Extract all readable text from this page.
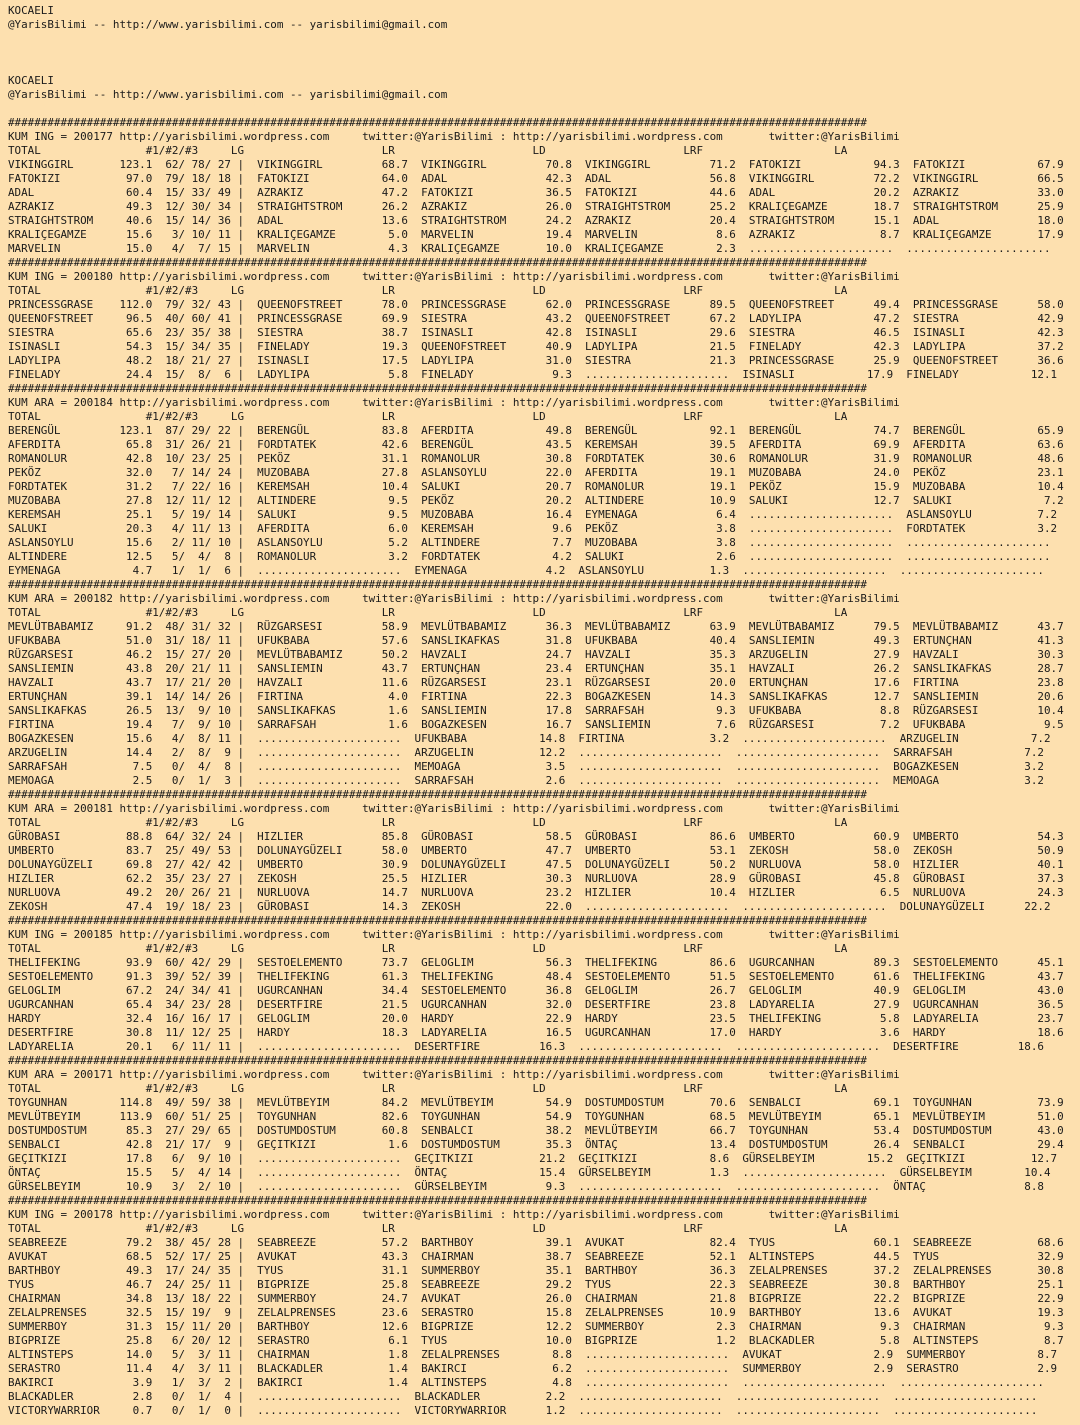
KOCAELI
@YarisBilimi -- http://www.yarisbilimi.com -- yarisbilimi@gmail.com
KOCAELI
@YarisBilimi -- http://www.yarisbilimi.com -- yarisbilimi@gmail.com
###################################################################################################################################
KUM ING = 200177 http://yarisbilimi.wordpress.com     twitter:@YarisBilimi : http://yarisbilimi.wordpress.com       twitter:@YarisBilimi
TOTAL                #1/#2/#3     LG                     LR                     LD                     LRF                    LA
VIKINGGIRL       123.1  62/ 78/ 27 |  VIKINGGIRL         68.7  VIKINGGIRL         70.8  VIKINGGIRL         71.2  FATOKIZI           94.3  FATOKIZI           67.9
FATOKIZI          97.0  79/ 18/ 18 |  FATOKIZI           64.0  ADAL               42.3  ADAL               56.8  VIKINGGIRL         72.2  VIKINGGIRL         66.5
ADAL              60.4  15/ 33/ 49 |  AZRAKIZ            47.2  FATOKIZI           36.5  FATOKIZI           44.6  ADAL               20.2  AZRAKIZ            33.0
AZRAKIZ           49.3  12/ 30/ 34 |  STRAIGHTSTROM      26.2  AZRAKIZ            26.0  STRAIGHTSTROM      25.2  KRALIÇEGAMZE       18.7  STRAIGHTSTROM      25.9
STRAIGHTSTROM     40.6  15/ 14/ 36 |  ADAL               13.6  STRAIGHTSTROM      24.2  AZRAKIZ            20.4  STRAIGHTSTROM      15.1  ADAL               18.0
KRALIÇEGAMZE      15.6   3/ 10/ 11 |  KRALIÇEGAMZE        5.0  MARVELIN           19.4  MARVELIN            8.6  AZRAKIZ             8.7  KRALIÇEGAMZE       17.9
MARVELIN          15.0   4/  7/ 15 |  MARVELIN            4.3  KRALIÇEGAMZE       10.0  KRALIÇEGAMZE        2.3  ......................  ......................
###################################################################################################################################
KUM ING = 200180 http://yarisbilimi.wordpress.com     twitter:@YarisBilimi : http://yarisbilimi.wordpress.com       twitter:@YarisBilimi
TOTAL                #1/#2/#3     LG                     LR                     LD                     LRF                    LA
PRINCESSGRASE    112.0  79/ 32/ 43 |  QUEENOFSTREET      78.0  PRINCESSGRASE      62.0  PRINCESSGRASE      89.5  QUEENOFSTREET      49.4  PRINCESSGRASE      58.0
QUEENOFSTREET     96.5  40/ 60/ 41 |  PRINCESSGRASE      69.9  SIESTRA            43.2  QUEENOFSTREET      67.2  LADYLIPA           47.2  SIESTRA            42.9
SIESTRA           65.6  23/ 35/ 38 |  SIESTRA            38.7  ISINASLI           42.8  ISINASLI           29.6  SIESTRA            46.5  ISINASLI           42.3
ISINASLI          54.3  15/ 34/ 35 |  FINELADY           19.3  QUEENOFSTREET      40.9  LADYLIPA           21.5  FINELADY           42.3  LADYLIPA           37.2
LADYLIPA          48.2  18/ 21/ 27 |  ISINASLI           17.5  LADYLIPA           31.0  SIESTRA            21.3  PRINCESSGRASE      25.9  QUEENOFSTREET      36.6
FINELADY          24.4  15/  8/  6 |  LADYLIPA            5.8  FINELADY            9.3  ......................  ISINASLI           17.9  FINELADY           12.1
###################################################################################################################################
KUM ARA = 200184 http://yarisbilimi.wordpress.com     twitter:@YarisBilimi : http://yarisbilimi.wordpress.com       twitter:@YarisBilimi
TOTAL                #1/#2/#3     LG                     LR                     LD                     LRF                    LA
BERENGÜL         123.1  87/ 29/ 22 |  BERENGÜL           83.8  AFERDITA           49.8  BERENGÜL           92.1  BERENGÜL           74.7  BERENGÜL           65.9
AFERDITA          65.8  31/ 26/ 21 |  FORDTATEK          42.6  BERENGÜL           43.5  KEREMSAH           39.5  AFERDITA           69.9  AFERDITA           63.6
ROMANOLUR         42.8  10/ 23/ 25 |  PEKÖZ              31.1  ROMANOLUR          30.8  FORDTATEK          30.6  ROMANOLUR          31.9  ROMANOLUR          48.6
PEKÖZ             32.0   7/ 14/ 24 |  MUZOBABA           27.8  ASLANSOYLU         22.0  AFERDITA           19.1  MUZOBABA           24.0  PEKÖZ              23.1
FORDTATEK         31.2   7/ 22/ 16 |  KEREMSAH           10.4  SALUKI             20.7  ROMANOLUR          19.1  PEKÖZ              15.9  MUZOBABA           10.4
MUZOBABA          27.8  12/ 11/ 12 |  ALTINDERE           9.5  PEKÖZ              20.2  ALTINDERE          10.9  SALUKI             12.7  SALUKI              7.2
KEREMSAH          25.1   5/ 19/ 14 |  SALUKI              9.5  MUZOBABA           16.4  EYMENAGA            6.4  ......................  ASLANSOYLU          7.2
SALUKI            20.3   4/ 11/ 13 |  AFERDITA            6.0  KEREMSAH            9.6  PEKÖZ               3.8  ......................  FORDTATEK           3.2
ASLANSOYLU        15.6   2/ 11/ 10 |  ASLANSOYLU          5.2  ALTINDERE           7.7  MUZOBABA            3.8  ......................  ......................
ALTINDERE         12.5   5/  4/  8 |  ROMANOLUR           3.2  FORDTATEK           4.2  SALUKI              2.6  ......................  ......................
EYMENAGA           4.7   1/  1/  6 |  ......................  EYMENAGA            4.2  ASLANSOYLU          1.3  ......................  ......................
###################################################################################################################################
KUM ARA = 200182 http://yarisbilimi.wordpress.com     twitter:@YarisBilimi : http://yarisbilimi.wordpress.com       twitter:@YarisBilimi
TOTAL                #1/#2/#3     LG                     LR                     LD                     LRF                    LA
MEVLÜTBABAMIZ     91.2  48/ 31/ 32 |  RÜZGARSESI         58.9  MEVLÜTBABAMIZ      36.3  MEVLÜTBABAMIZ      63.9  MEVLÜTBABAMIZ      79.5  MEVLÜTBABAMIZ      43.7
UFUKBABA          51.0  31/ 18/ 11 |  UFUKBABA           57.6  SANSLIKAFKAS       31.8  UFUKBABA           40.4  SANSLIEMIN         49.3  ERTUNÇHAN          41.3
RÜZGARSESI        46.2  15/ 27/ 20 |  MEVLÜTBABAMIZ      50.2  HAVZALI            24.7  HAVZALI            35.3  ARZUGELIN          27.9  HAVZALI            30.3
SANSLIEMIN        43.8  20/ 21/ 11 |  SANSLIEMIN         43.7  ERTUNÇHAN          23.4  ERTUNÇHAN          35.1  HAVZALI            26.2  SANSLIKAFKAS       28.7
HAVZALI           43.7  17/ 21/ 20 |  HAVZALI            11.6  RÜZGARSESI         23.1  RÜZGARSESI         20.0  ERTUNÇHAN          17.6  FIRTINA            23.8
ERTUNÇHAN         39.1  14/ 14/ 26 |  FIRTINA             4.0  FIRTINA            22.3  BOGAZKESEN         14.3  SANSLIKAFKAS       12.7  SANSLIEMIN         20.6
SANSLIKAFKAS      26.5  13/  9/ 10 |  SANSLIKAFKAS        1.6  SANSLIEMIN         17.8  SARRAFSAH           9.3  UFUKBABA            8.8  RÜZGARSESI         10.4
FIRTINA           19.4   7/  9/ 10 |  SARRAFSAH           1.6  BOGAZKESEN         16.7  SANSLIEMIN          7.6  RÜZGARSESI          7.2  UFUKBABA            9.5
BOGAZKESEN        15.6   4/  8/ 11 |  ......................  UFUKBABA           14.8  FIRTINA             3.2  ......................  ARZUGELIN           7.2
ARZUGELIN         14.4   2/  8/  9 |  ......................  ARZUGELIN          12.2  ......................  ......................  SARRAFSAH           7.2
SARRAFSAH          7.5   0/  4/  8 |  ......................  MEMOAGA             3.5  ......................  ......................  BOGAZKESEN          3.2
MEMOAGA            2.5   0/  1/  3 |  ......................  SARRAFSAH           2.6  ......................  ......................  MEMOAGA             3.2
###################################################################################################################################
KUM ARA = 200181 http://yarisbilimi.wordpress.com     twitter:@YarisBilimi : http://yarisbilimi.wordpress.com       twitter:@YarisBilimi
TOTAL                #1/#2/#3     LG                     LR                     LD                     LRF                    LA
GÜROBASI          88.8  64/ 32/ 24 |  HIZLIER            85.8  GÜROBASI           58.5  GÜROBASI           86.6  UMBERTO            60.9  UMBERTO            54.3
UMBERTO           83.7  25/ 49/ 53 |  DOLUNAYGÜZELI      58.0  UMBERTO            47.7  UMBERTO            53.1  ZEKOSH             58.0  ZEKOSH             50.9
DOLUNAYGÜZELI     69.8  27/ 42/ 42 |  UMBERTO            30.9  DOLUNAYGÜZELI      47.5  DOLUNAYGÜZELI      50.2  NURLUOVA           58.0  HIZLIER            40.1
HIZLIER           62.2  35/ 23/ 27 |  ZEKOSH             25.5  HIZLIER            30.3  NURLUOVA           28.9  GÜROBASI           45.8  GÜROBASI           37.3
NURLUOVA          49.2  20/ 26/ 21 |  NURLUOVA           14.7  NURLUOVA           23.2  HIZLIER            10.4  HIZLIER             6.5  NURLUOVA           24.3
ZEKOSH            47.4  19/ 18/ 23 |  GÜROBASI           14.3  ZEKOSH             22.0  ......................  ......................  DOLUNAYGÜZELI      22.2
###################################################################################################################################
KUM ING = 200185 http://yarisbilimi.wordpress.com     twitter:@YarisBilimi : http://yarisbilimi.wordpress.com       twitter:@YarisBilimi
TOTAL                #1/#2/#3     LG                     LR                     LD                     LRF                    LA
THELIFEKING       93.9  60/ 42/ 29 |  SESTOELEMENTO      73.7  GELOGLIM           56.3  THELIFEKING        86.6  UGURCANHAN         89.3  SESTOELEMENTO      45.1
SESTOELEMENTO     91.3  39/ 52/ 39 |  THELIFEKING        61.3  THELIFEKING        48.4  SESTOELEMENTO      51.5  SESTOELEMENTO      61.6  THELIFEKING        43.7
GELOGLIM          67.2  24/ 34/ 41 |  UGURCANHAN         34.4  SESTOELEMENTO      36.8  GELOGLIM           26.7  GELOGLIM           40.9  GELOGLIM           43.0
UGURCANHAN        65.4  34/ 23/ 28 |  DESERTFIRE         21.5  UGURCANHAN         32.0  DESERTFIRE         23.8  LADYARELIA         27.9  UGURCANHAN         36.5
HARDY             32.4  16/ 16/ 17 |  GELOGLIM           20.0  HARDY              22.9  HARDY              23.5  THELIFEKING         5.8  LADYARELIA         23.7
DESERTFIRE        30.8  11/ 12/ 25 |  HARDY              18.3  LADYARELIA         16.5  UGURCANHAN         17.0  HARDY               3.6  HARDY              18.6
LADYARELIA        20.1   6/ 11/ 11 |  ......................  DESERTFIRE         16.3  ......................  ......................  DESERTFIRE         18.6
###################################################################################################################################
KUM ARA = 200171 http://yarisbilimi.wordpress.com     twitter:@YarisBilimi : http://yarisbilimi.wordpress.com       twitter:@YarisBilimi
TOTAL                #1/#2/#3     LG                     LR                     LD                     LRF                    LA
TOYGUNHAN        114.8  49/ 59/ 38 |  MEVLÜTBEYIM        84.2  MEVLÜTBEYIM        54.9  DOSTUMDOSTUM       70.6  SENBALCI           69.1  TOYGUNHAN          73.9
MEVLÜTBEYIM      113.9  60/ 51/ 25 |  TOYGUNHAN          82.6  TOYGUNHAN          54.9  TOYGUNHAN          68.5  MEVLÜTBEYIM        65.1  MEVLÜTBEYIM        51.0
DOSTUMDOSTUM      85.3  27/ 29/ 65 |  DOSTUMDOSTUM       60.8  SENBALCI           38.2  MEVLÜTBEYIM        66.7  TOYGUNHAN          53.4  DOSTUMDOSTUM       43.0
SENBALCI          42.8  21/ 17/  9 |  GEÇITKIZI           1.6  DOSTUMDOSTUM       35.3  ÖNTAÇ              13.4  DOSTUMDOSTUM       26.4  SENBALCI           29.4
GEÇITKIZI         17.8   6/  9/ 10 |  ......................  GEÇITKIZI          21.2  GEÇITKIZI           8.6  GÜRSELBEYIM        15.2  GEÇITKIZI          12.7
ÖNTAÇ             15.5   5/  4/ 14 |  ......................  ÖNTAÇ              15.4  GÜRSELBEYIM         1.3  ......................  GÜRSELBEYIM        10.4
GÜRSELBEYIM       10.9   3/  2/ 10 |  ......................  GÜRSELBEYIM         9.3  ......................  ......................  ÖNTAÇ               8.8
###################################################################################################################################
KUM ING = 200178 http://yarisbilimi.wordpress.com     twitter:@YarisBilimi : http://yarisbilimi.wordpress.com       twitter:@YarisBilimi
TOTAL                #1/#2/#3     LG                     LR                     LD                     LRF                    LA
SEABREEZE         79.2  38/ 45/ 28 |  SEABREEZE          57.2  BARTHBOY           39.1  AVUKAT             82.4  TYUS               60.1  SEABREEZE          68.6
AVUKAT            68.5  52/ 17/ 25 |  AVUKAT             43.3  CHAIRMAN           38.7  SEABREEZE          52.1  ALTINSTEPS         44.5  TYUS               32.9
BARTHBOY          49.3  17/ 24/ 35 |  TYUS               31.1  SUMMERBOY          35.1  BARTHBOY           36.3  ZELALPRENSES       37.2  ZELALPRENSES       30.8
TYUS              46.7  24/ 25/ 11 |  BIGPRIZE           25.8  SEABREEZE          29.2  TYUS               22.3  SEABREEZE          30.8  BARTHBOY           25.1
CHAIRMAN          34.8  13/ 18/ 22 |  SUMMERBOY          24.7  AVUKAT             26.0  CHAIRMAN           21.8  BIGPRIZE           22.2  BIGPRIZE           22.9
ZELALPRENSES      32.5  15/ 19/  9 |  ZELALPRENSES       23.6  SERASTRO           15.8  ZELALPRENSES       10.9  BARTHBOY           13.6  AVUKAT             19.3
SUMMERBOY         31.3  15/ 11/ 20 |  BARTHBOY           12.6  BIGPRIZE           12.2  SUMMERBOY           2.3  CHAIRMAN            9.3  CHAIRMAN            9.3
BIGPRIZE          25.8   6/ 20/ 12 |  SERASTRO            6.1  TYUS               10.0  BIGPRIZE            1.2  BLACKADLER          5.8  ALTINSTEPS          8.7
ALTINSTEPS        14.0   5/  3/ 11 |  CHAIRMAN            1.8  ZELALPRENSES        8.8  ......................  AVUKAT              2.9  SUMMERBOY           8.7
SERASTRO          11.4   4/  3/ 11 |  BLACKADLER          1.4  BAKIRCI             6.2  ......................  SUMMERBOY           2.9  SERASTRO            2.9
BAKIRCI            3.9   1/  3/  2 |  BAKIRCI             1.4  ALTINSTEPS          4.8  ......................  ......................  ......................
BLACKADLER         2.8   0/  1/  4 |  ......................  BLACKADLER          2.2  ......................  ......................  ......................
VICTORYWARRIOR     0.7   0/  1/  0 |  ......................  VICTORYWARRIOR      1.2  ......................  ......................  ......................
